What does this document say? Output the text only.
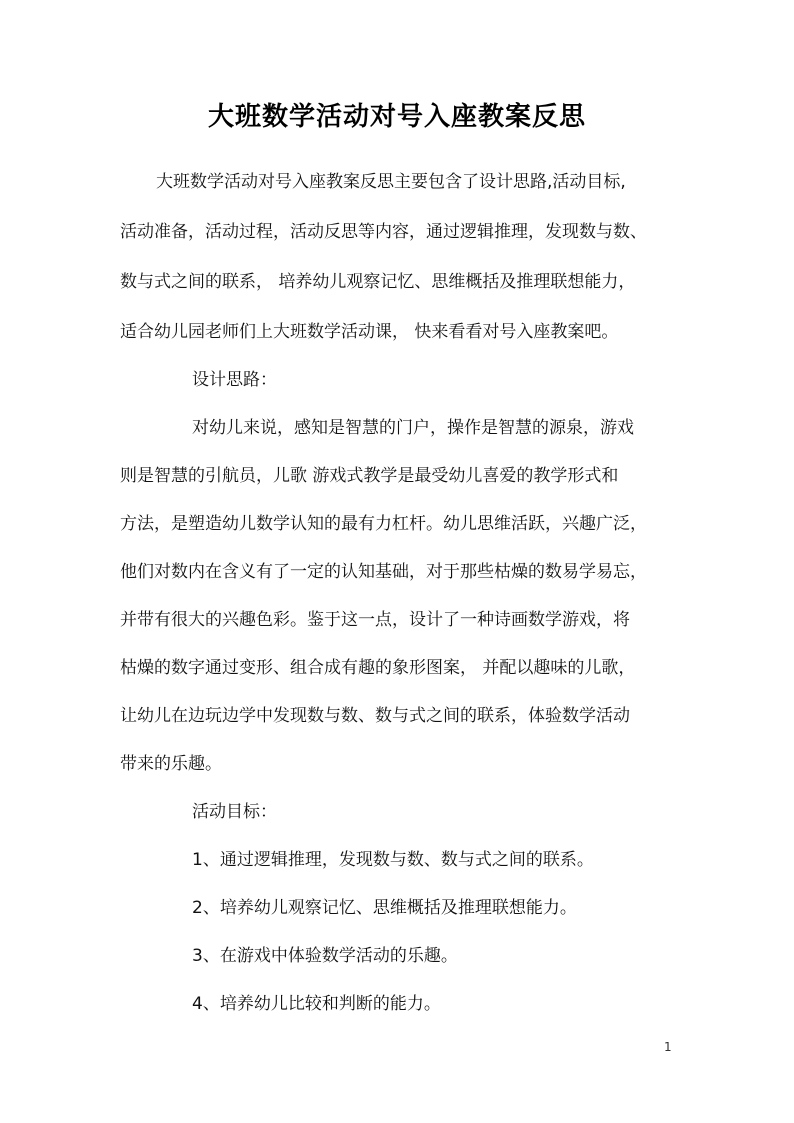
大班数学活动对号入座教案反思

大班数学活动对号入座教案反思主要包含了设计思路,活动目标,

活动准备，活动过程，活动反思等内容，通过逻辑推理，发现数与数、

数与式之间的联系， 培养幼儿观察记忆、思维概括及推理联想能力，

适合幼儿园老师们上大班数学活动课， 快来看看对号入座教案吧。

设计思路：

对幼儿来说，感知是智慧的门户，操作是智慧的源泉，游戏

则是智慧的引航员，儿歌 游戏式教学是最受幼儿喜爱的教学形式和

方法，是塑造幼儿数学认知的最有力杠杆。幼儿思维活跃，兴趣广泛，

他们对数内在含义有了一定的认知基础，对于那些枯燥的数易学易忘，

并带有很大的兴趣色彩。鉴于这一点，设计了一种诗画数学游戏，将

枯燥的数字通过变形、组合成有趣的象形图案， 并配以趣味的儿歌，

让幼儿在边玩边学中发现数与数、数与式之间的联系，体验数学活动

带来的乐趣。

活动目标：

1、通过逻辑推理，发现数与数、数与式之间的联系。

2、培养幼儿观察记忆、思维概括及推理联想能力。

3、在游戏中体验数学活动的乐趣。

4、培养幼儿比较和判断的能力。

1
